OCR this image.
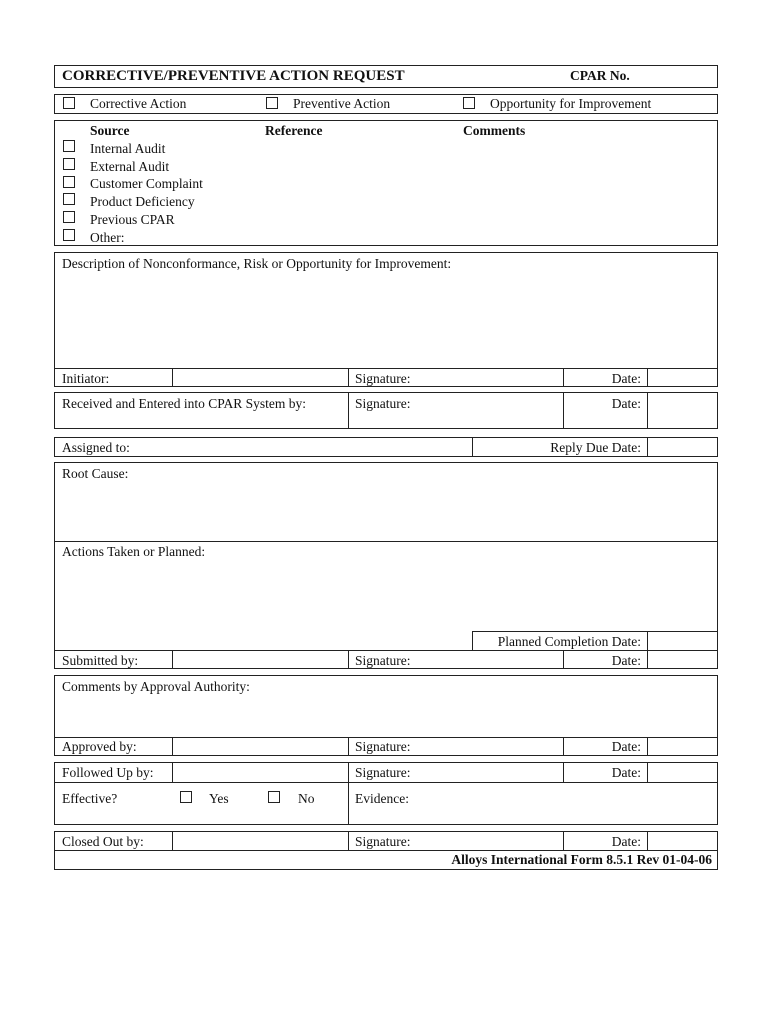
CORRECTIVE/PREVENTIVE ACTION REQUEST	CPAR No.
Corrective Action	Preventive Action	Opportunity for Improvement
Source	Reference	Comments
Internal Audit
External Audit
Customer Complaint
Product Deficiency
Previous CPAR
Other:
Description of Nonconformance, Risk or Opportunity for Improvement:
Initiator:	Signature:	Date:
Received and Entered into CPAR System by:	Signature:	Date:
Assigned to:	Reply Due Date:
Root Cause:
Actions Taken or Planned:
Planned Completion Date:
Submitted by:	Signature:	Date:
Comments by Approval Authority:
Approved by:	Signature:	Date:
Followed Up by:	Signature:	Date:
Effective?	Yes	No	Evidence:
Closed Out by:	Signature:	Date:
Alloys International Form 8.5.1 Rev 01-04-06
